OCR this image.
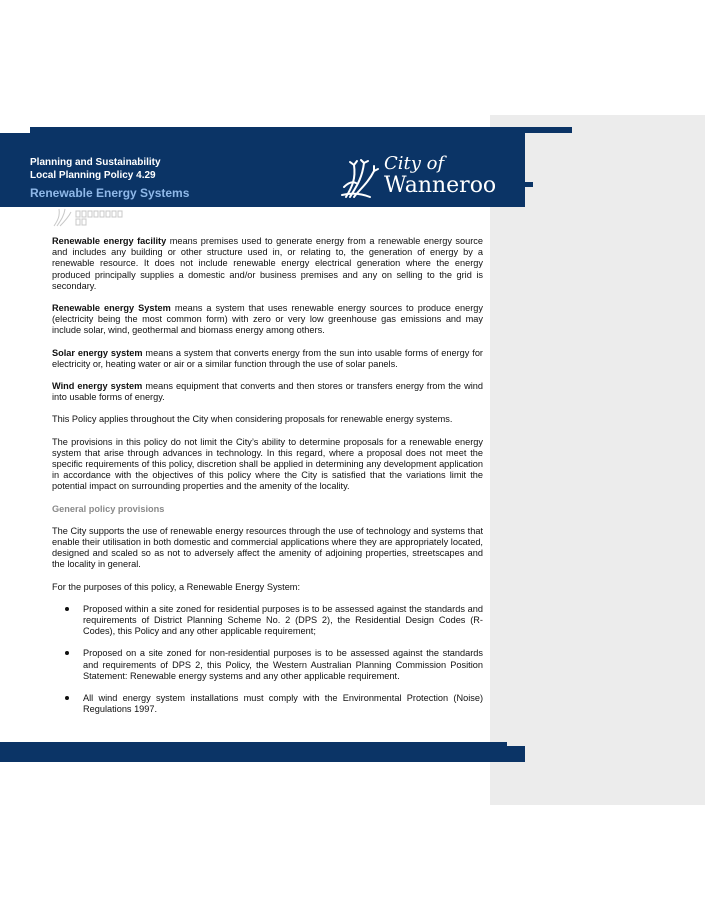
Planning and Sustainability
Local Planning Policy 4.29
Renewable Energy Systems
City of
Wanneroo

Renewable energy facility means premises used to generate energy from a renewable energy source and includes any building or other structure used in, or relating to, the generation of energy by a renewable resource. It does not include renewable energy electrical generation where the energy produced principally supplies a domestic and/or business premises and any on selling to the grid is secondary.

Renewable energy System means a system that uses renewable energy sources to produce energy (electricity being the most common form) with zero or very low greenhouse gas emissions and may include solar, wind, geothermal and biomass energy among others.

Solar energy system means a system that converts energy from the sun into usable forms of energy for electricity or, heating water or air or a similar function through the use of solar panels.

Wind energy system means equipment that converts and then stores or transfers energy from the wind into usable forms of energy.

This Policy applies throughout the City when considering proposals for renewable energy systems.

The provisions in this policy do not limit the City’s ability to determine proposals for a renewable energy system that arise through advances in technology. In this regard, where a proposal does not meet the specific requirements of this policy, discretion shall be applied in determining any development application in accordance with the objectives of this policy where the City is satisfied that the variations limit the potential impact on surrounding properties and the amenity of the locality.

General policy provisions

The City supports the use of renewable energy resources through the use of technology and systems that enable their utilisation in both domestic and commercial applications where they are appropriately located, designed and scaled so as not to adversely affect the amenity of adjoining properties, streetscapes and the locality in general.

For the purposes of this policy, a Renewable Energy System:

Proposed within a site zoned for residential purposes is to be assessed against the standards and requirements of District Planning Scheme No. 2 (DPS 2), the Residential Design Codes (R-Codes), this Policy and any other applicable requirement;
Proposed on a site zoned for non-residential purposes is to be assessed against the standards and requirements of DPS 2, this Policy, the Western Australian Planning Commission Position Statement: Renewable energy systems and any other applicable requirement.
All wind energy system installations must comply with the Environmental Protection (Noise) Regulations 1997.
